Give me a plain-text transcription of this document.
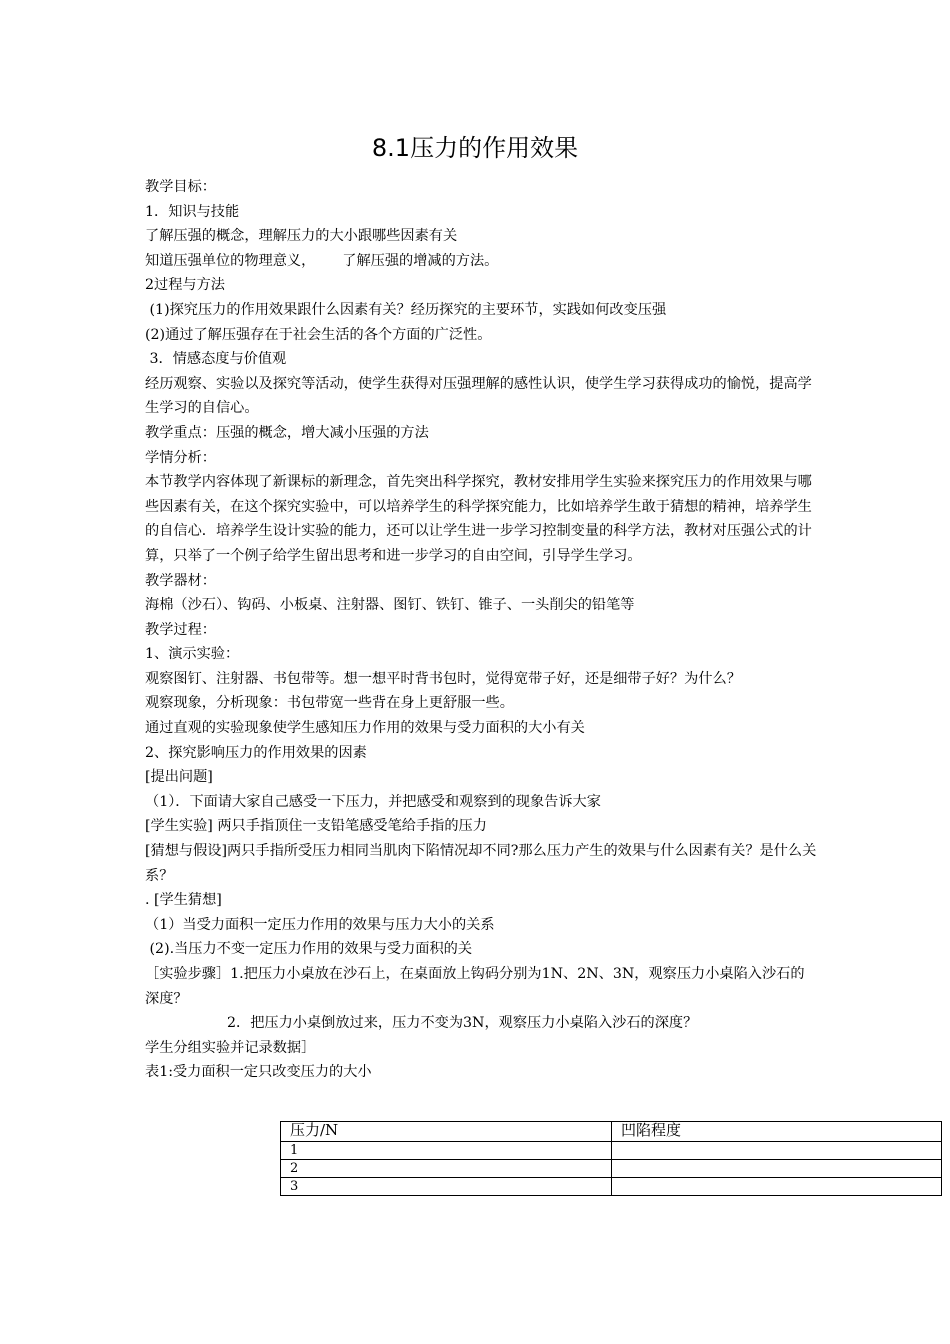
8.1压力的作用效果

教学目标：

1．知识与技能

了解压强的概念，理解压力的大小跟哪些因素有关

知道压强单位的物理意义，      了解压强的增减的方法。

2过程与方法

(1)探究压力的作用效果跟什么因素有关？经历探究的主要环节，实践如何改变压强

(2)通过了解压强存在于社会生活的各个方面的广泛性。

3．情感态度与价值观

经历观察、实验以及探究等活动，使学生获得对压强理解的感性认识，使学生学习获得成功的愉悦，提高学生学习的自信心。

教学重点：压强的概念，增大减小压强的方法

学情分析：

本节教学内容体现了新课标的新理念，首先突出科学探究，教材安排用学生实验来探究压力的作用效果与哪些因素有关，在这个探究实验中，可以培养学生的科学探究能力，比如培养学生敢于猜想的精神，培养学生的自信心．培养学生设计实验的能力，还可以让学生进一步学习控制变量的科学方法，教材对压强公式的计算，只举了一个例子给学生留出思考和进一步学习的自由空间，引导学生学习。

教学器材：

海棉（沙石）、钩码、小板桌、注射器、图钉、铁钉、锥子、一头削尖的铅笔等

教学过程：

1、演示实验：

观察图钉、注射器、书包带等。想一想平时背书包时，觉得宽带子好，还是细带子好？为什么？

观察现象，分析现象：书包带宽一些背在身上更舒服一些。

通过直观的实验现象使学生感知压力作用的效果与受力面积的大小有关

2、探究影响压力的作用效果的因素

[提出问题]

（1）．下面请大家自己感受一下压力，并把感受和观察到的现象告诉大家

[学生实验] 两只手指顶住一支铅笔感受笔给手指的压力

[猜想与假设]两只手指所受压力相同当肌肉下陷情况却不同?那么压力产生的效果与什么因素有关？是什么关系？

. [学生猜想]

（1）当受力面积一定压力作用的效果与压力大小的关系

(2).当压力不变一定压力作用的效果与受力面积的关

［实验步骤］1.把压力小桌放在沙石上，在桌面放上钩码分别为1N、2N、3N，观察压力小桌陷入沙石的深度？

2．把压力小桌倒放过来，压力不变为3N，观察压力小桌陷入沙石的深度？

学生分组实验并记录数据］

表1:受力面积一定只改变压力的大小

压力/N	凹陷程度
1	
2	
3	
